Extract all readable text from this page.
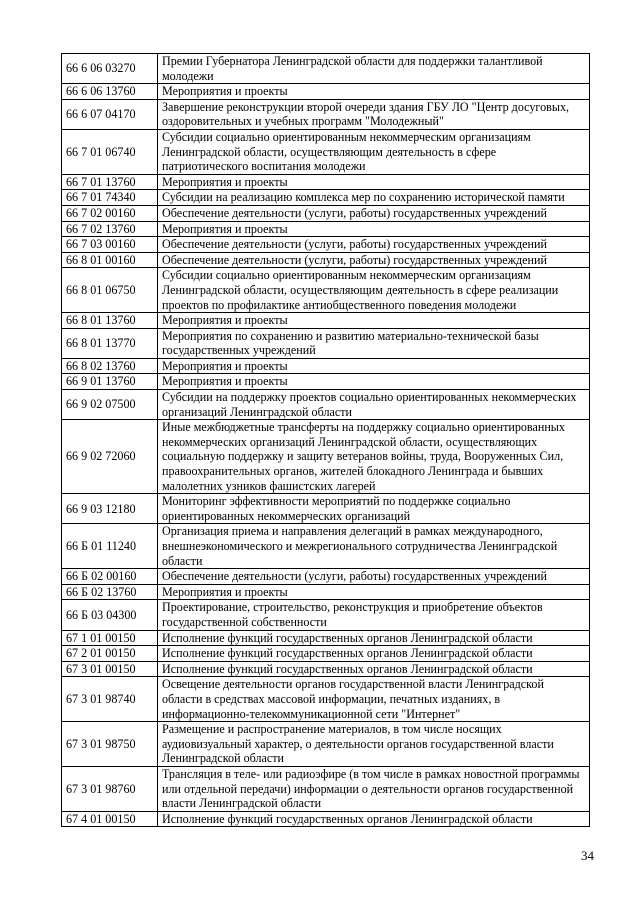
66 6 06 03270	Премии Губернатора Ленинградской области для поддержки талантливой молодежи
66 6 06 13760	Мероприятия и проекты
66 6 07 04170	Завершение реконструкции второй очереди здания ГБУ ЛО "Центр досуговых, оздоровительных и учебных программ "Молодежный"
66 7 01 06740	Субсидии социально ориентированным некоммерческим организациям Ленинградской области, осуществляющим деятельность в сфере патриотического воспитания молодежи
66 7 01 13760	Мероприятия и проекты
66 7 01 74340	Субсидии на реализацию комплекса мер по сохранению исторической памяти
66 7 02 00160	Обеспечение деятельности (услуги, работы) государственных учреждений
66 7 02 13760	Мероприятия и проекты
66 7 03 00160	Обеспечение деятельности (услуги, работы) государственных учреждений
66 8 01 00160	Обеспечение деятельности (услуги, работы) государственных учреждений
66 8 01 06750	Субсидии социально ориентированным некоммерческим организациям Ленинградской области, осуществляющим деятельность в сфере реализации проектов по профилактике антиобщественного поведения молодежи
66 8 01 13760	Мероприятия и проекты
66 8 01 13770	Мероприятия по сохранению и развитию материально-технической базы государственных учреждений
66 8 02 13760	Мероприятия и проекты
66 9 01 13760	Мероприятия и проекты
66 9 02 07500	Субсидии на поддержку проектов социально ориентированных некоммерческих организаций Ленинградской области
66 9 02 72060	Иные межбюджетные трансферты на поддержку социально ориентированных некоммерческих организаций Ленинградской области, осуществляющих социальную поддержку и защиту ветеранов войны, труда, Вооруженных Сил, правоохранительных органов, жителей блокадного Ленинграда и бывших малолетних узников фашистских лагерей
66 9 03 12180	Мониторинг эффективности мероприятий по поддержке социально ориентированных некоммерческих организаций
66 Б 01 11240	Организация приема и направления делегаций в рамках международного, внешнеэкономического и межрегионального сотрудничества Ленинградской области
66 Б 02 00160	Обеспечение деятельности (услуги, работы) государственных учреждений
66 Б 02 13760	Мероприятия и проекты
66 Б 03 04300	Проектирование, строительство, реконструкция и приобретение объектов государственной собственности
67 1 01 00150	Исполнение функций государственных органов Ленинградской области
67 2 01 00150	Исполнение функций государственных органов Ленинградской области
67 3 01 00150	Исполнение функций государственных органов Ленинградской области
67 3 01 98740	Освещение деятельности органов государственной власти Ленинградской области в средствах массовой информации, печатных изданиях, в информационно-телекоммуникационной сети "Интернет"
67 3 01 98750	Размещение и распространение материалов, в том числе носящих аудиовизуальный характер, о деятельности органов государственной власти Ленинградской области
67 3 01 98760	Трансляция в теле- или радиоэфире (в том числе в рамках новостной программы или отдельной передачи) информации о деятельности органов государственной власти Ленинградской области
67 4 01 00150	Исполнение функций государственных органов Ленинградской области
34
